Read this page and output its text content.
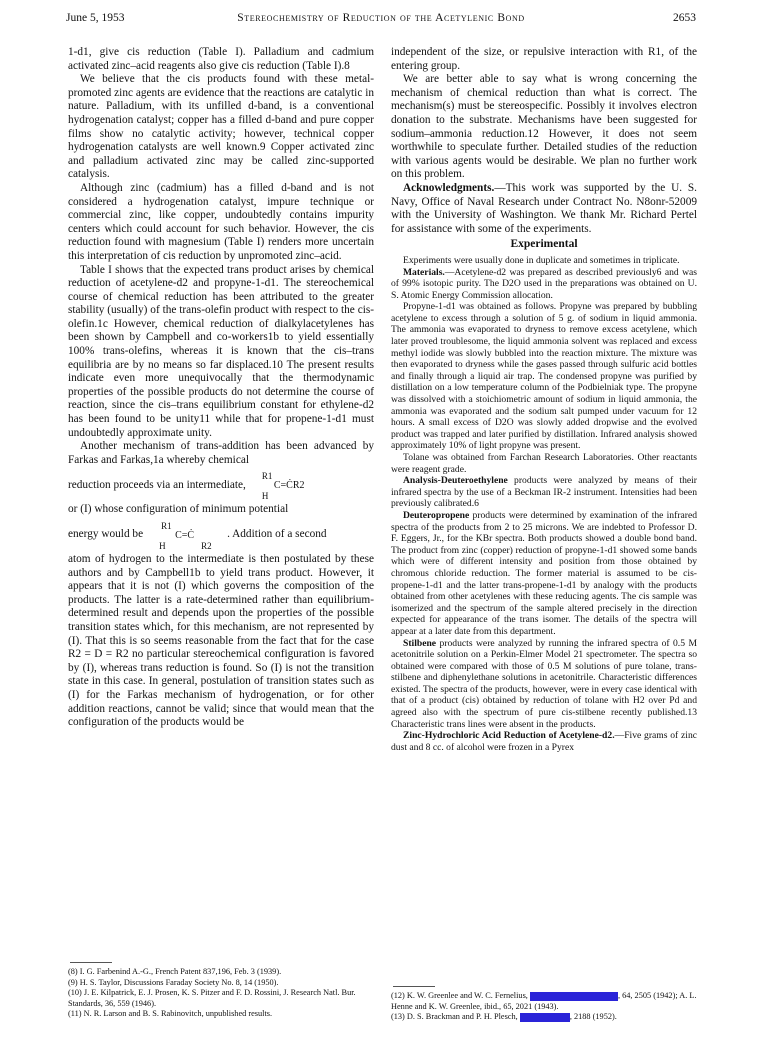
June 5, 1953	Stereochemistry of Reduction of the Acetylenic Bond	2653

1-d1, give cis reduction (Table I). Palladium and cadmium activated zinc–acid reagents also give cis reduction (Table I).8

We believe that the cis products found with these metal-promoted zinc agents are evidence that the reactions are catalytic in nature. Palladium, with its unfilled d-band, is a conventional hydrogenation catalyst; copper has a filled d-band and pure copper films show no catalytic activity; however, technical copper hydrogenation catalysts are well known.9 Copper activated zinc and palladium activated zinc may be called zinc-supported catalysis.

Although zinc (cadmium) has a filled d-band and is not considered a hydrogenation catalyst, impure technique or commercial zinc, like copper, undoubtedly contains impurity centers which could account for such behavior. However, the cis reduction found with magnesium (Table I) renders more uncertain this interpretation of cis reduction by unpromoted zinc–acid.

Table I shows that the expected trans product arises by chemical reduction of acetylene-d2 and propyne-1-d1. The stereochemical course of chemical reduction has been attributed to the greater stability (usually) of the trans-olefin product with respect to the cis-olefin.1c However, chemical reduction of dialkylacetylenes has been shown by Campbell and co-workers1b to yield essentially 100% trans-olefins, whereas it is known that the cis–trans equilibria are by no means so far displaced.10 The present results indicate even more unequivocally that the thermodynamic properties of the possible products do not determine the course of reaction, since the cis–trans equilibrium constant for ethylene-d2 has been found to be unity11 while that for propene-1-d1 must undoubtedly approximate unity.

Another mechanism of trans-addition has been advanced by Farkas and Farkas,1a whereby chemical

reduction proceeds via an intermediate,
R1
H
C=ĊR2

or (I) whose configuration of minimum potential

energy would be
R1
H
C=Ċ
R2
. Addition of a second

atom of hydrogen to the intermediate is then postulated by these authors and by Campbell1b to yield trans product. However, it appears that it is not (I) which governs the composition of the products. The latter is a rate-determined rather than equilibrium-determined result and depends upon the properties of the possible transition states which, for this mechanism, are not represented by (I). That this is so seems reasonable from the fact that for the case R2 = D = R2 no particular stereochemical configuration is favored by (I), whereas trans reduction is found. So (I) is not the transition state in this case. In general, postulation of transition states such as (I) for the Farkas mechanism of hydrogenation, or for other addition reactions, cannot be valid; since that would mean that the configuration of the products would be

(8) I. G. Farbenind A.-G., French Patent 837,196, Feb. 3 (1939).
(9) H. S. Taylor, Discussions Faraday Society No. 8, 14 (1950).
(10) J. E. Kilpatrick, E. J. Prosen, K. S. Pitzer and F. D. Rossini, J. Research Natl. Bur. Standards, 36, 559 (1946).
(11) N. R. Larson and B. S. Rabinovitch, unpublished results.

independent of the size, or repulsive interaction with R1, of the entering group.

We are better able to say what is wrong concerning the mechanism of chemical reduction than what is correct. The mechanism(s) must be stereospecific. Possibly it involves electron donation to the substrate. Mechanisms have been suggested for sodium–ammonia reduction.12 However, it does not seem worthwhile to speculate further. Detailed studies of the reduction with various agents would be desirable. We plan no further work on this problem.

Acknowledgments.—This work was supported by the U. S. Navy, Office of Naval Research under Contract No. N8onr-52009 with the University of Washington. We thank Mr. Richard Pertel for assistance with some of the experiments.

Experimental

Experiments were usually done in duplicate and sometimes in triplicate.

Materials.—Acetylene-d2 was prepared as described previously6 and was of 99% isotopic purity. The D2O used in the preparations was obtained on U. S. Atomic Energy Commission allocation.

Propyne-1-d1 was obtained as follows. Propyne was prepared by bubbling acetylene to excess through a solution of 5 g. of sodium in liquid ammonia. The ammonia was evaporated to dryness to remove excess acetylene, which later proved troublesome, the liquid ammonia solvent was replaced and excess methyl iodide was slowly bubbled into the reaction mixture. The mixture was then evaporated to dryness while the gases passed through sulfuric acid bottles and finally through a liquid air trap. The condensed propyne was purified by distillation on a low temperature column of the Podbielniak type. The propyne was dissolved with a stoichiometric amount of sodium in liquid ammonia, the ammonia was evaporated and the sodium salt pumped under vacuum for 12 hours. A small excess of D2O was slowly added dropwise and the evolved product was trapped and later purified by distillation. Infrared analysis showed approximately 10% of light propyne was present.

Tolane was obtained from Farchan Research Laboratories. Other reactants were reagent grade.

Analysis-Deuteroethylene products were analyzed by means of their infrared spectra by the use of a Beckman IR-2 instrument. Intensities had been previously calibrated.6

Deuteropropene products were determined by examination of the infrared spectra of the products from 2 to 25 microns. We are indebted to Professor D. F. Eggers, Jr., for the KBr spectra. Both products showed a double bond band. The product from zinc (copper) reduction of propyne-1-d1 showed some bands which were of different intensity and position from those obtained by chromous chloride reduction. The former material is assumed to be cis-propene-1-d1 and the latter trans-propene-1-d1 by analogy with the products obtained from other acetylenes with these reducing agents. The cis sample was isomerized and the spectrum of the sample altered precisely in the direction expected for appearance of the trans isomer. The details of the spectra will appear at a later date from this department.

Stilbene products were analyzed by running the infrared spectra of 0.5 M acetonitrile solution on a Perkin-Elmer Model 21 spectrometer. The spectra so obtained were compared with those of 0.5 M solutions of pure tolane, trans-stilbene and diphenylethane solutions in acetonitrile. Characteristic differences existed. The spectra of the products, however, were in every case identical with that of a product (cis) obtained by reduction of tolane with H2 over Pd and agreed also with the spectrum of pure cis-stilbene recently published.13 Characteristic trans lines were absent in the products.

Zinc-Hydrochloric Acid Reduction of Acetylene-d2.—Five grams of zinc dust and 8 cc. of alcohol were frozen in a Pyrex

(12) K. W. Greenlee and W. C. Fernelius,	, 64, 2505 (1942); A. L. Henne and K. W. Greenlee, ibid., 65, 2021 (1943).
(13) D. S. Brackman and P. H. Plesch,	, 2188 (1952).
